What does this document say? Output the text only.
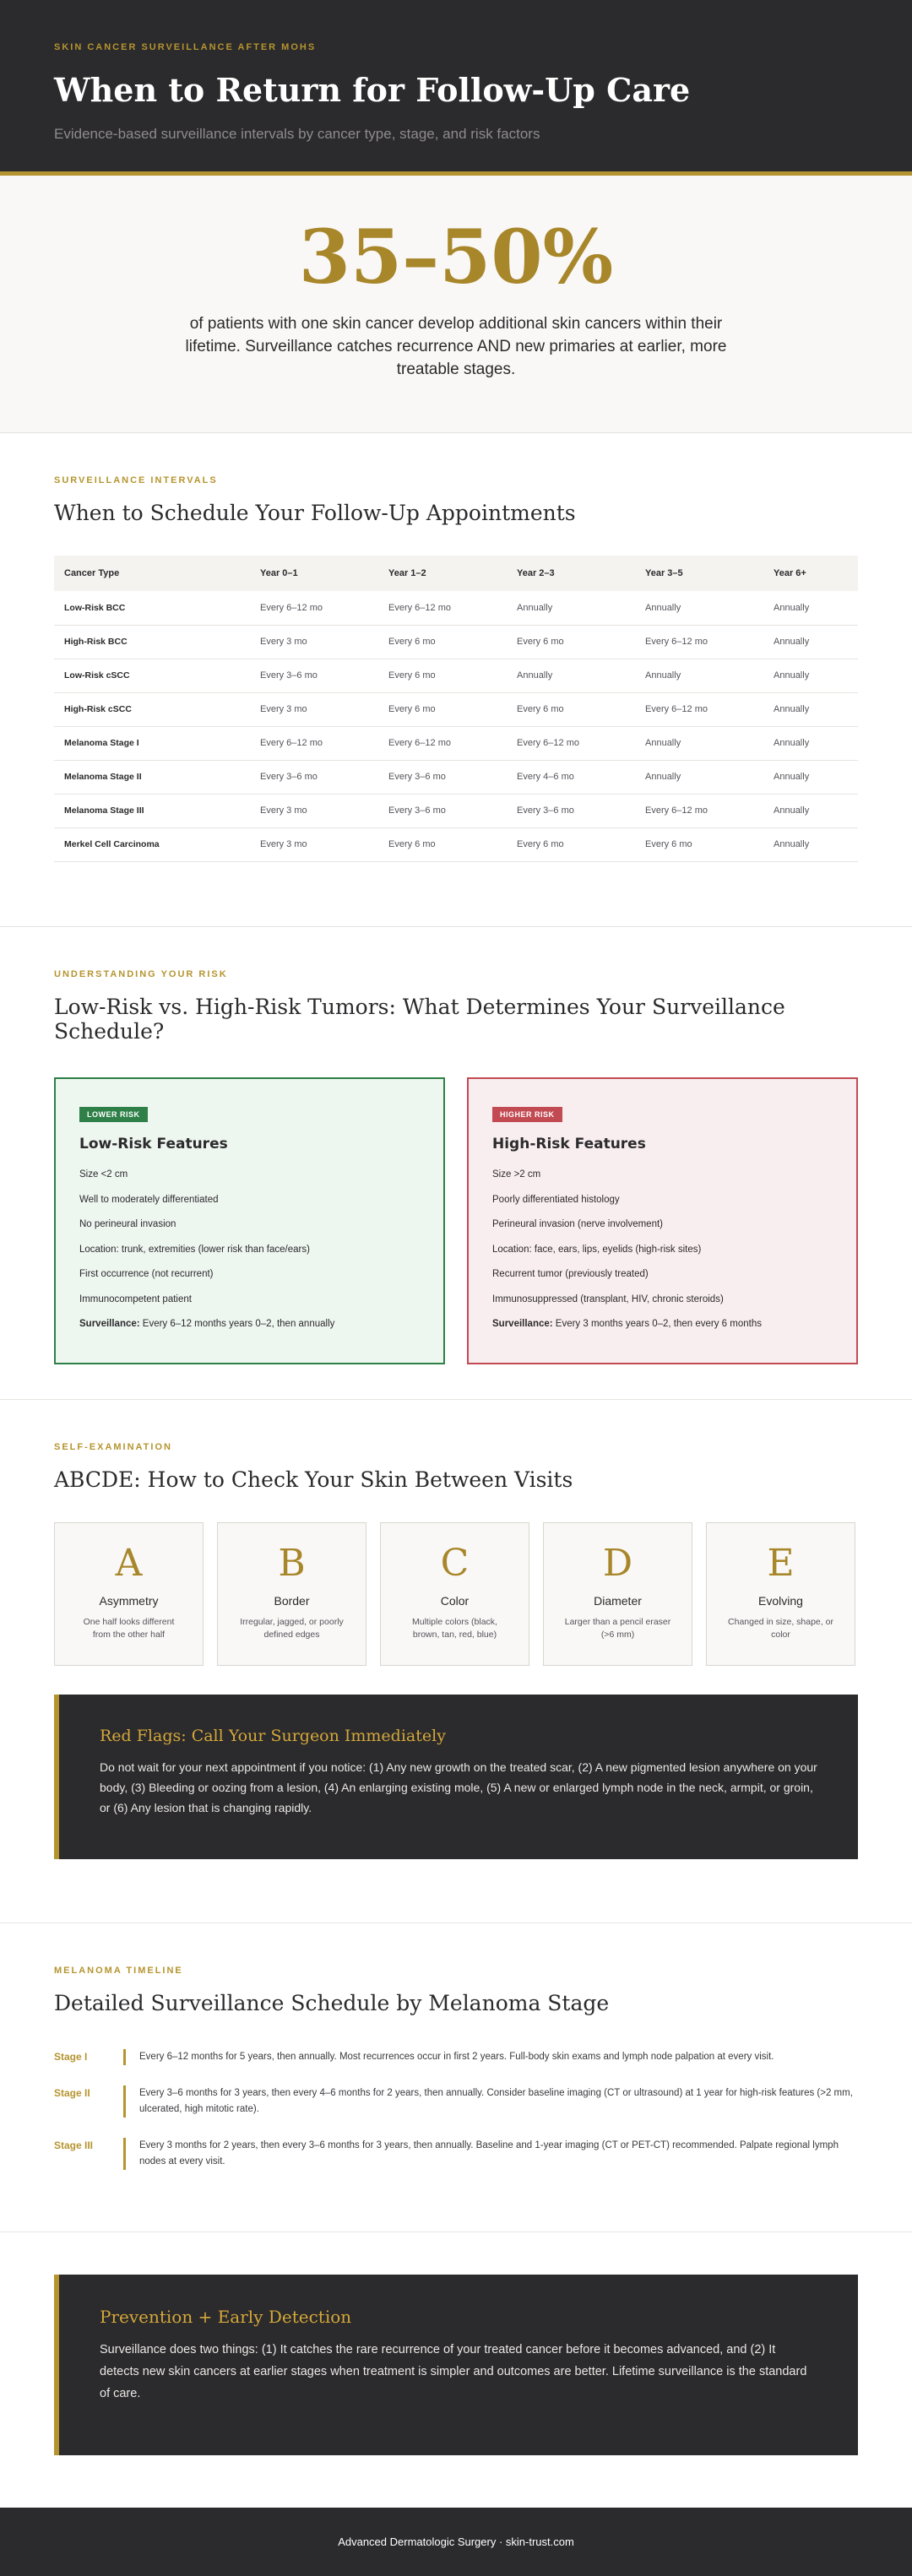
SKIN CANCER SURVEILLANCE AFTER MOHS
When to Return for Follow-Up Care
Evidence-based surveillance intervals by cancer type, stage, and risk factors
35–50%

of patients with one skin cancer develop additional skin cancers within their lifetime. Surveillance catches recurrence AND new primaries at earlier, more treatable stages.

SURVEILLANCE INTERVALS
When to Schedule Your Follow-Up Appointments
Cancer Type	Year 0–1	Year 1–2	Year 2–3	Year 3–5	Year 6+
Low-Risk BCC	Every 6–12 mo	Every 6–12 mo	Annually	Annually	Annually
High-Risk BCC	Every 3 mo	Every 6 mo	Every 6 mo	Every 6–12 mo	Annually
Low-Risk cSCC	Every 3–6 mo	Every 6 mo	Annually	Annually	Annually
High-Risk cSCC	Every 3 mo	Every 6 mo	Every 6 mo	Every 6–12 mo	Annually
Melanoma Stage I	Every 6–12 mo	Every 6–12 mo	Every 6–12 mo	Annually	Annually
Melanoma Stage II	Every 3–6 mo	Every 3–6 mo	Every 4–6 mo	Annually	Annually
Melanoma Stage III	Every 3 mo	Every 3–6 mo	Every 3–6 mo	Every 6–12 mo	Annually
Merkel Cell Carcinoma	Every 3 mo	Every 6 mo	Every 6 mo	Every 6 mo	Annually
UNDERSTANDING YOUR RISK
Low-Risk vs. High-Risk Tumors: What Determines Your Surveillance Schedule?
LOWER RISK
Low-Risk Features
Size <2 cm
Well to moderately differentiated
No perineural invasion
Location: trunk, extremities (lower risk than face/ears)
First occurrence (not recurrent)
Immunocompetent patient
Surveillance: Every 6–12 months years 0–2, then annually
HIGHER RISK
High-Risk Features
Size >2 cm
Poorly differentiated histology
Perineural invasion (nerve involvement)
Location: face, ears, lips, eyelids (high-risk sites)
Recurrent tumor (previously treated)
Immunosuppressed (transplant, HIV, chronic steroids)
Surveillance: Every 3 months years 0–2, then every 6 months
SELF-EXAMINATION
ABCDE: How to Check Your Skin Between Visits
A
Asymmetry
One half looks different from the other half
B
Border
Irregular, jagged, or poorly defined edges
C
Color
Multiple colors (black, brown, tan, red, blue)
D
Diameter
Larger than a pencil eraser (>6 mm)
E
Evolving
Changed in size, shape, or color
Red Flags: Call Your Surgeon Immediately

Do not wait for your next appointment if you notice: (1) Any new growth on the treated scar, (2) A new pigmented lesion anywhere on your body, (3) Bleeding or oozing from a lesion, (4) An enlarging existing mole, (5) A new or enlarged lymph node in the neck, armpit, or groin, or (6) Any lesion that is changing rapidly.

MELANOMA TIMELINE
Detailed Surveillance Schedule by Melanoma Stage
Stage I	Every 6–12 months for 5 years, then annually. Most recurrences occur in first 2 years. Full-body skin exams and lymph node palpation at every visit.
Stage II	Every 3–6 months for 3 years, then every 4–6 months for 2 years, then annually. Consider baseline imaging (CT or ultrasound) at 1 year for high-risk features (>2 mm, ulcerated, high mitotic rate).
Stage III	Every 3 months for 2 years, then every 3–6 months for 3 years, then annually. Baseline and 1-year imaging (CT or PET-CT) recommended. Palpate regional lymph nodes at every visit.
Prevention + Early Detection

Surveillance does two things: (1) It catches the rare recurrence of your treated cancer before it becomes advanced, and (2) It detects new skin cancers at earlier stages when treatment is simpler and outcomes are better. Lifetime surveillance is the standard of care.

Advanced Dermatologic Surgery · skin-trust.com
